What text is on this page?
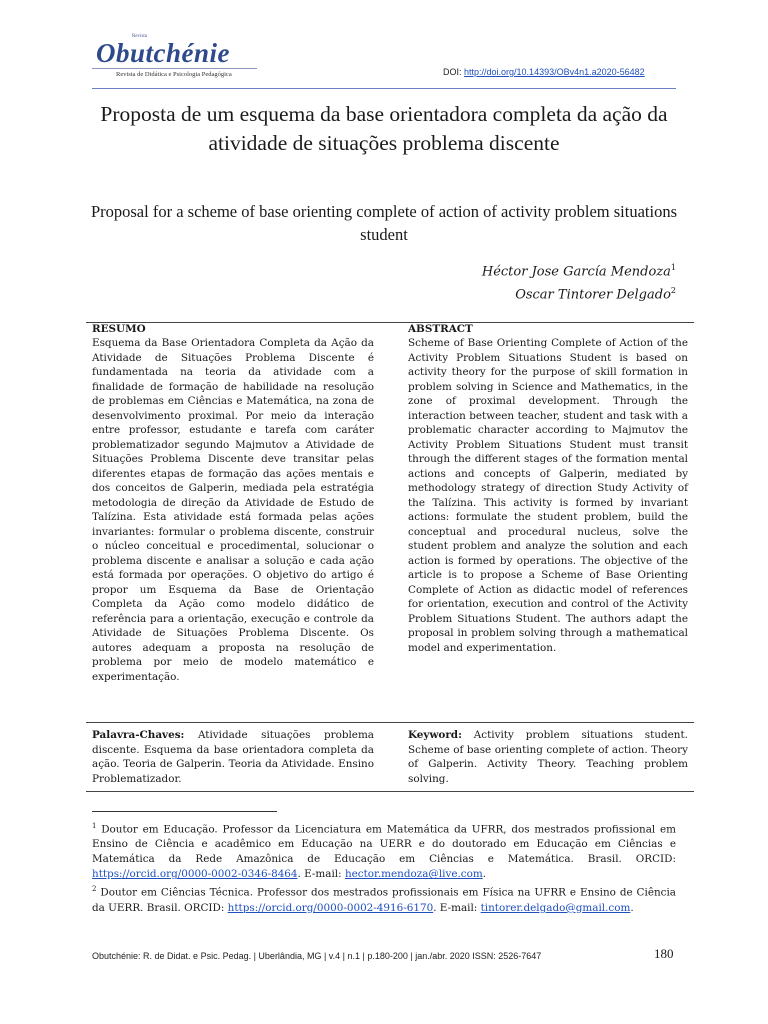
Revista
Obutchénie
Revista de Didática e Psicologia Pedagógica	DOI: http://doi.org/10.14393/OBv4n1.a2020-56482
Proposta de um esquema da base orientadora completa da ação da atividade de situações problema discente
Proposal for a scheme of base orienting complete of action of activity problem situations student
Héctor Jose García Mendoza$^1$
Oscar Tintorer Delgado$^2$
RESUMO
Esquema da Base Orientadora Completa da Ação da Atividade de Situações Problema Discente é fundamentada na teoria da atividade com a finalidade de formação de habilidade na resolução de problemas em Ciências e Matemática, na zona de desenvolvimento proximal. Por meio da interação entre professor, estudante e tarefa com caráter problematizador segundo Majmutov a Atividade de Situações Problema Discente deve transitar pelas diferentes etapas de formação das ações mentais e dos conceitos de Galperin, mediada pela estratégia metodologia de direção da Atividade de Estudo de Talízina. Esta atividade está formada pelas ações invariantes: formular o problema discente, construir o núcleo conceitual e procedimental, solucionar o problema discente e analisar a solução e cada ação está formada por operações. O objetivo do artigo é propor um Esquema da Base de Orientação Completa da Ação como modelo didático de referência para a orientação, execução e controle da Atividade de Situações Problema Discente. Os autores adequam a proposta na resolução de problema por meio de modelo matemático e experimentação.
ABSTRACT
Scheme of Base Orienting Complete of Action of the Activity Problem Situations Student is based on activity theory for the purpose of skill formation in problem solving in Science and Mathematics, in the zone of proximal development. Through the interaction between teacher, student and task with a problematic character according to Majmutov the Activity Problem Situations Student must transit through the different stages of the formation mental actions and concepts of Galperin, mediated by methodology strategy of direction Study Activity of the Talízina. This activity is formed by invariant actions: formulate the student problem, build the conceptual and procedural nucleus, solve the student problem and analyze the solution and each action is formed by operations. The objective of the article is to propose a Scheme of Base Orienting Complete of Action as didactic model of references for orientation, execution and control of the Activity Problem Situations Student. The authors adapt the proposal in problem solving through a mathematical model and experimentation.
Palavra-Chaves: Atividade situações problema discente. Esquema da base orientadora completa da ação. Teoria de Galperin. Teoria da Atividade. Ensino Problematizador.
Keyword: Activity problem situations student. Scheme of base orienting complete of action. Theory of Galperin. Activity Theory. Teaching problem solving.
$^1$ Doutor em Educação. Professor da Licenciatura em Matemática da UFRR, dos mestrados profissional em Ensino de Ciência e acadêmico em Educação na UERR e do doutorado em Educação em Ciências e Matemática da Rede Amazônica de Educação em Ciências e Matemática. Brasil. ORCID: https://orcid.org/0000-0002-0346-8464. E-mail: hector.mendoza@live.com.
$^2$ Doutor em Ciências Técnica. Professor dos mestrados profissionais em Física na UFRR e Ensino de Ciência da UERR. Brasil. ORCID: https://orcid.org/0000-0002-4916-6170. E-mail: tintorer.delgado@gmail.com.
Obutchénie: R. de Didat. e Psic. Pedag. | Uberlândia, MG | v.4 | n.1 | p.180-200 | jan./abr. 2020 ISSN: 2526-7647	180
